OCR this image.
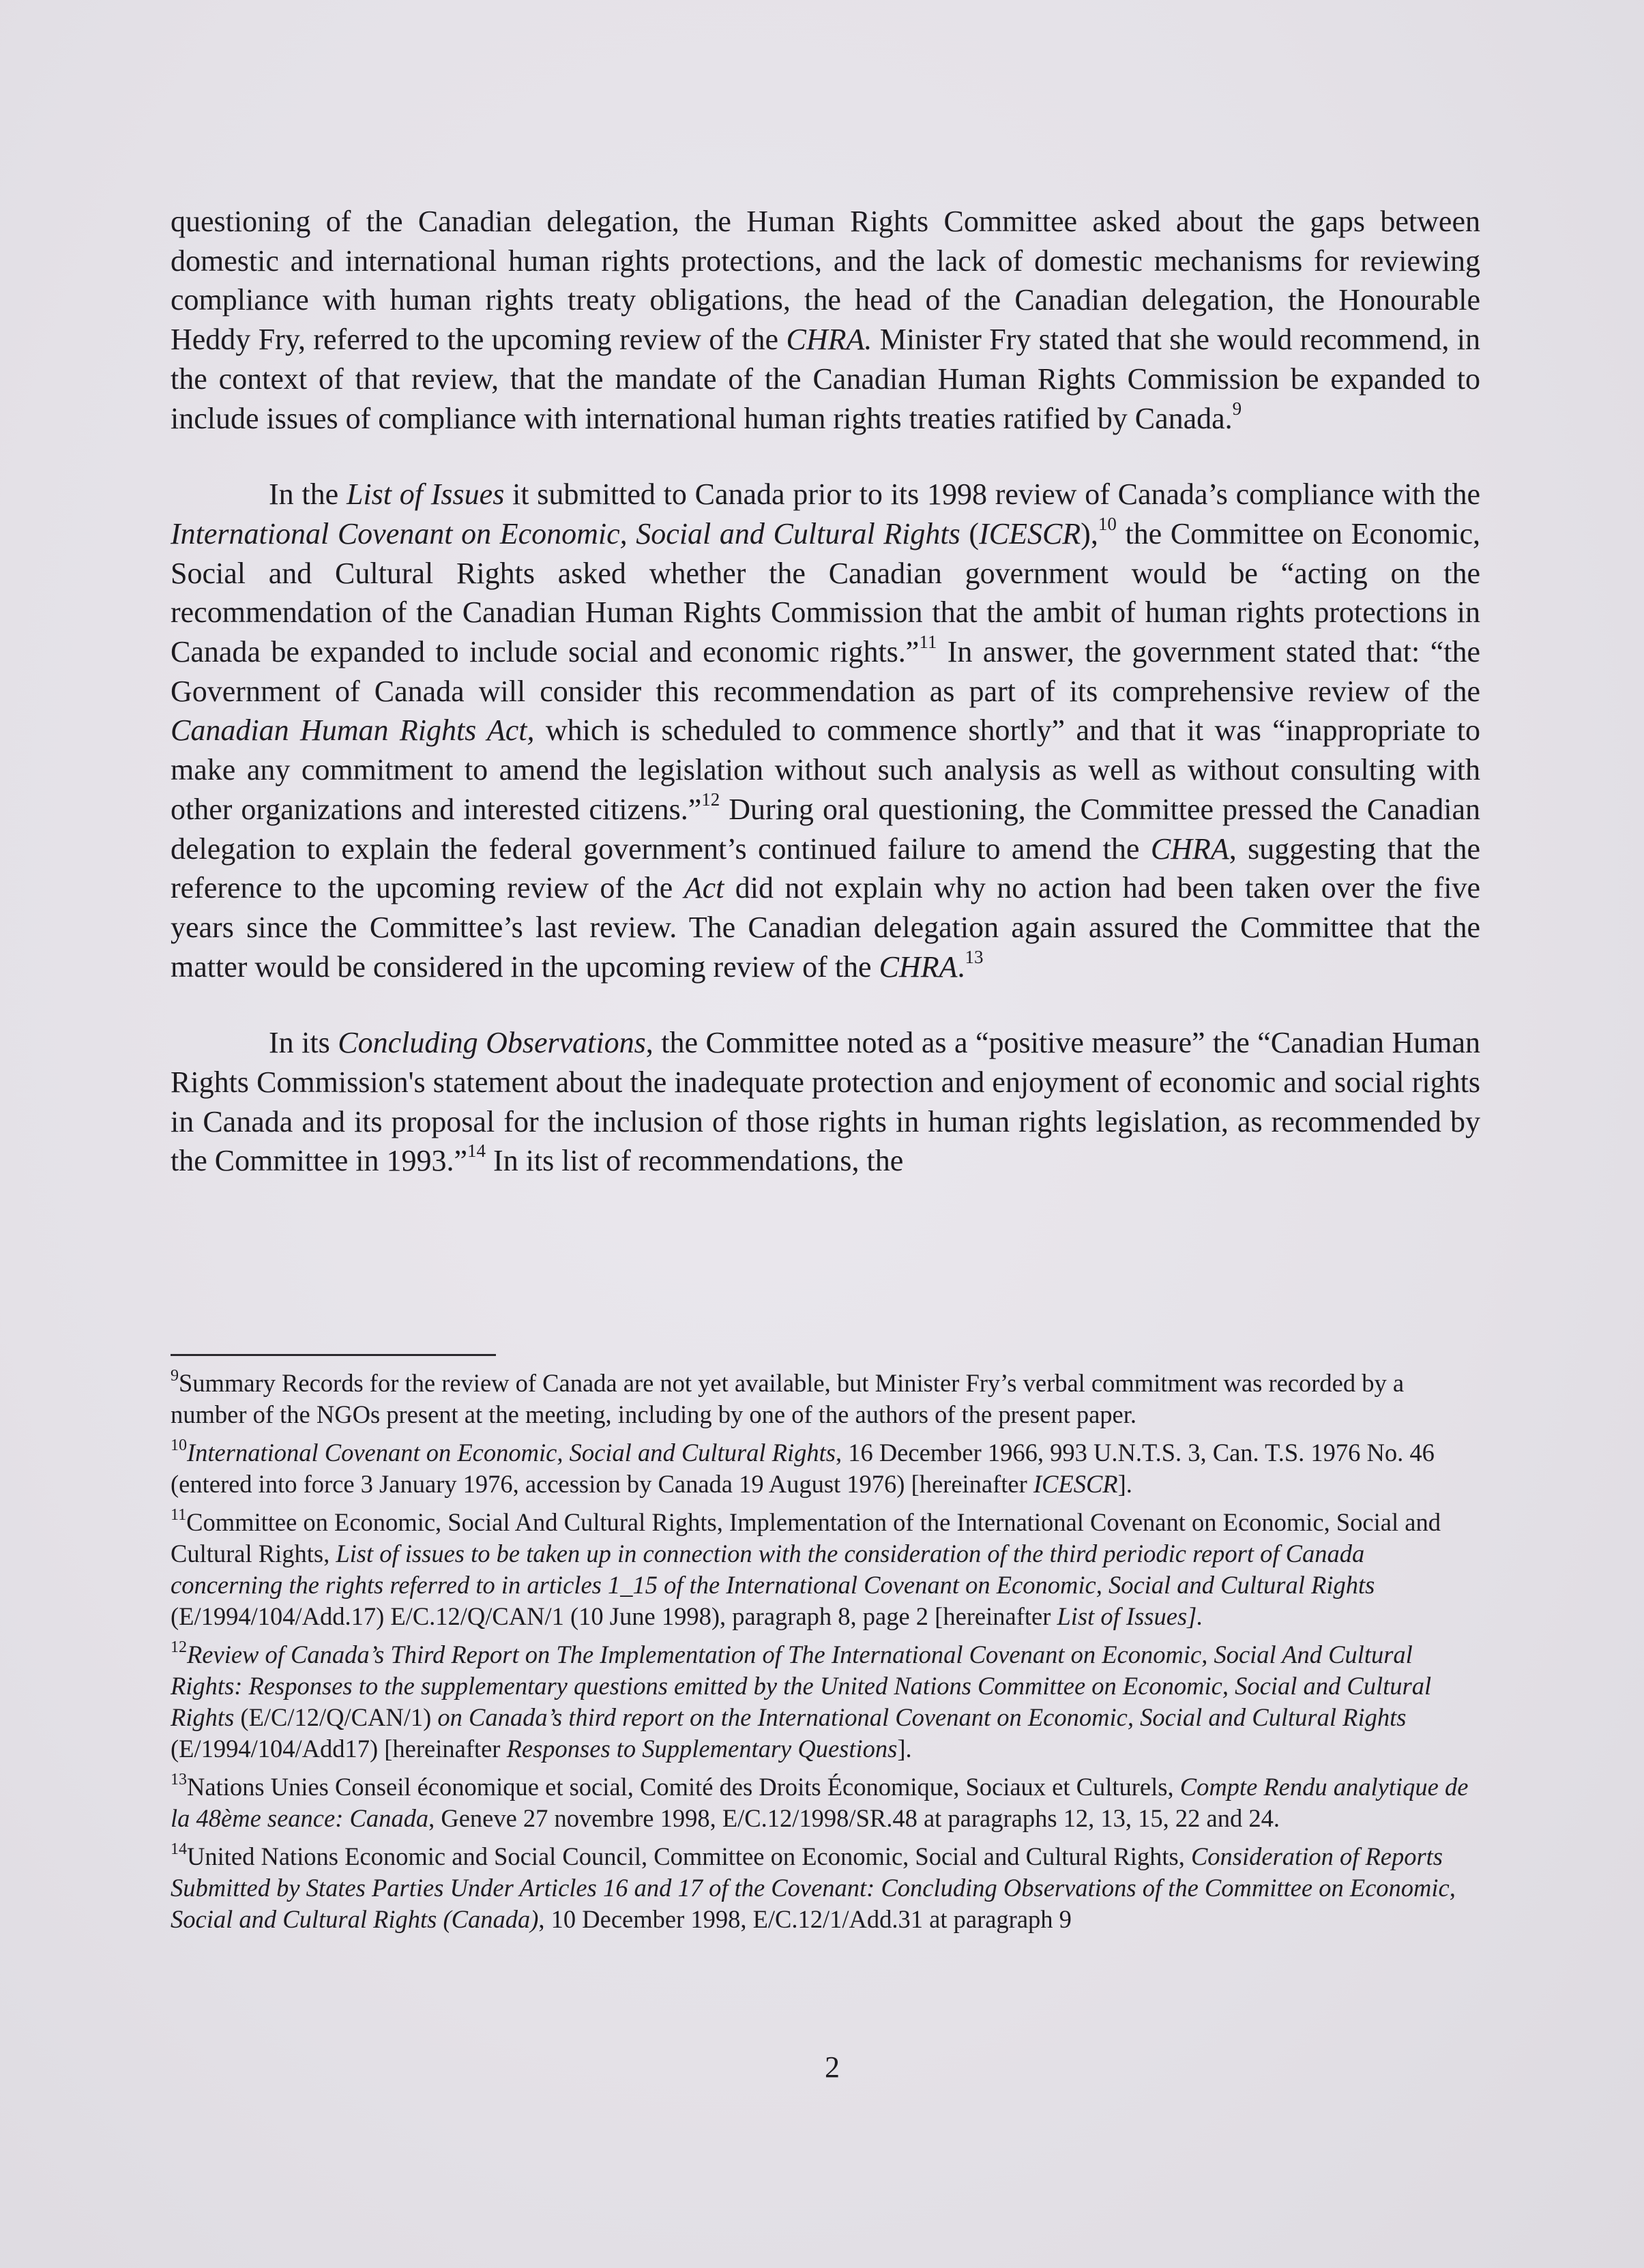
questioning of the Canadian delegation, the Human Rights Committee asked about the gaps between domestic and international human rights protections, and the lack of domestic mechanisms for reviewing compliance with human rights treaty obligations, the head of the Canadian delegation, the Honourable Heddy Fry, referred to the upcoming review of the CHRA. Minister Fry stated that she would recommend, in the context of that review, that the mandate of the Canadian Human Rights Commission be expanded to include issues of compliance with international human rights treaties ratified by Canada.$^9$

In the List of Issues it submitted to Canada prior to its 1998 review of Canada’s compliance with the International Covenant on Economic, Social and Cultural Rights (ICESCR),$^{10}$ the Committee on Economic, Social and Cultural Rights asked whether the Canadian government would be “acting on the recommendation of the Canadian Human Rights Commission that the ambit of human rights protections in Canada be expanded to include social and economic rights.”$^{11}$ In answer, the government stated that: “the Government of Canada will consider this recommendation as part of its comprehensive review of the Canadian Human Rights Act, which is scheduled to commence shortly” and that it was “inappropriate to make any commitment to amend the legislation without such analysis as well as without consulting with other organizations and interested citizens.”$^{12}$ During oral questioning, the Committee pressed the Canadian delegation to explain the federal government’s continued failure to amend the CHRA, suggesting that the reference to the upcoming review of the Act did not explain why no action had been taken over the five years since the Committee’s last review. The Canadian delegation again assured the Committee that the matter would be considered in the upcoming review of the CHRA.$^{13}$

In its Concluding Observations, the Committee noted as a “positive measure” the “Canadian Human Rights Commission's statement about the inadequate protection and enjoyment of economic and social rights in Canada and its proposal for the inclusion of those rights in human rights legislation, as recommended by the Committee in 1993.”$^{14}$ In its list of recommendations, the

$^9$Summary Records for the review of Canada are not yet available, but Minister Fry’s verbal commitment was recorded by a number of the NGOs present at the meeting, including by one of the authors of the present paper.

$^{10}$International Covenant on Economic, Social and Cultural Rights, 16 December 1966, 993 U.N.T.S. 3, Can. T.S. 1976 No. 46 (entered into force 3 January 1976, accession by Canada 19 August 1976) [hereinafter ICESCR].

$^{11}$Committee on Economic, Social And Cultural Rights, Implementation of the International Covenant on Economic, Social and Cultural Rights, List of issues to be taken up in connection with the consideration of the third periodic report of Canada concerning the rights referred to in articles 1_15 of the International Covenant on Economic, Social and Cultural Rights (E/1994/104/Add.17) E/C.12/Q/CAN/1 (10 June 1998), paragraph 8, page 2 [hereinafter List of Issues].

$^{12}$Review of Canada’s Third Report on The Implementation of The International Covenant on Economic, Social And Cultural Rights: Responses to the supplementary questions emitted by the United Nations Committee on Economic, Social and Cultural Rights (E/C/12/Q/CAN/1) on Canada’s third report on the International Covenant on Economic, Social and Cultural Rights (E/1994/104/Add17) [hereinafter Responses to Supplementary Questions].

$^{13}$Nations Unies Conseil économique et social, Comité des Droits Économique, Sociaux et Culturels, Compte Rendu analytique de la 48ème seance: Canada, Geneve 27 novembre 1998, E/C.12/1998/SR.48 at paragraphs 12, 13, 15, 22 and 24.

$^{14}$United Nations Economic and Social Council, Committee on Economic, Social and Cultural Rights, Consideration of Reports Submitted by States Parties Under Articles 16 and 17 of the Covenant: Concluding Observations of the Committee on Economic, Social and Cultural Rights (Canada), 10 December 1998, E/C.12/1/Add.31 at paragraph 9

2
